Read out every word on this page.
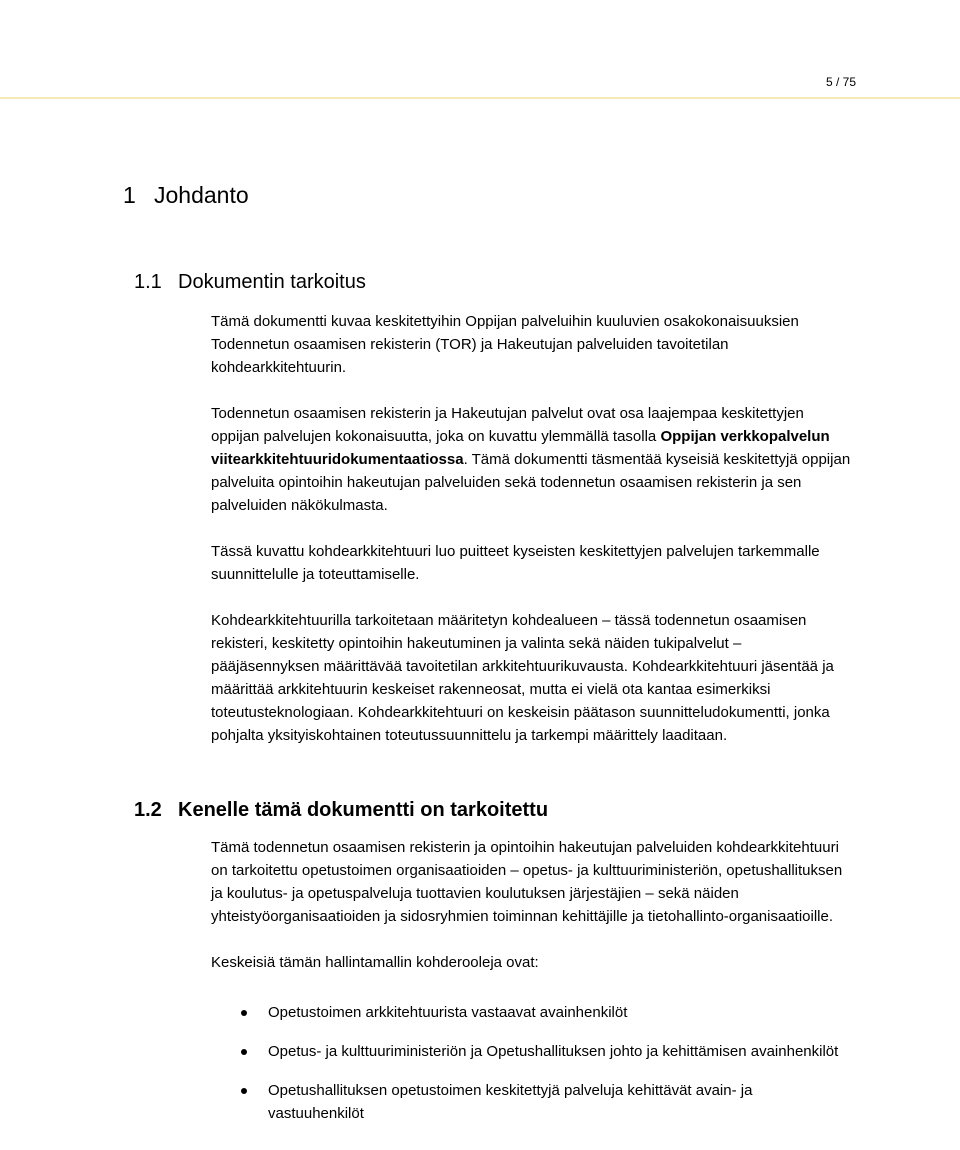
5 / 75
1 Johdanto
1.1 Dokumentin tarkoitus

Tämä dokumentti kuvaa keskitettyihin Oppijan palveluihin kuuluvien osakokonaisuuksien Todennetun osaamisen rekisterin (TOR) ja Hakeutujan palveluiden tavoitetilan kohdearkkitehtuurin.

Todennetun osaamisen rekisterin ja Hakeutujan palvelut ovat osa laajempaa keskitettyjen oppijan palvelujen kokonaisuutta, joka on kuvattu ylemmällä tasolla Oppijan verkkopalvelun viitearkkitehtuuridokumentaatiossa. Tämä dokumentti täsmentää kyseisiä keskitettyjä oppijan palveluita opintoihin hakeutujan palveluiden sekä todennetun osaamisen rekisterin ja sen palveluiden näkökulmasta.

Tässä kuvattu kohdearkkitehtuuri luo puitteet kyseisten keskitettyjen palvelujen tarkemmalle suunnittelulle ja toteuttamiselle.

Kohdearkkitehtuurilla tarkoitetaan määritetyn kohdealueen – tässä todennetun osaamisen rekisteri, keskitetty opintoihin hakeutuminen ja valinta sekä näiden tukipalvelut – pääjäsennyksen määrittävää tavoitetilan arkkitehtuurikuvausta. Kohdearkkitehtuuri jäsentää ja määrittää arkkitehtuurin keskeiset rakenneosat, mutta ei vielä ota kantaa esimerkiksi toteutusteknologiaan. Kohdearkkitehtuuri on keskeisin päätason suunnitteludokumentti, jonka pohjalta yksityiskohtainen toteutussuunnittelu ja tarkempi määrittely laaditaan.

1.2 Kenelle tämä dokumentti on tarkoitettu

Tämä todennetun osaamisen rekisterin ja opintoihin hakeutujan palveluiden kohdearkkitehtuuri on tarkoitettu opetustoimen organisaatioiden – opetus- ja kulttuuriministeriön, opetushallituksen ja koulutus- ja opetuspalveluja tuottavien koulutuksen järjestäjien – sekä näiden yhteistyöorganisaatioiden ja sidosryhmien toiminnan kehittäjille ja tietohallinto-organisaatioille.

Keskeisiä tämän hallintamallin kohderooleja ovat:

Opetustoimen arkkitehtuurista vastaavat avainhenkilöt
Opetus- ja kulttuuriministeriön ja Opetushallituksen johto ja kehittämisen avainhenkilöt
Opetushallituksen opetustoimen keskitettyjä palveluja kehittävät avain- ja vastuuhenkilöt
